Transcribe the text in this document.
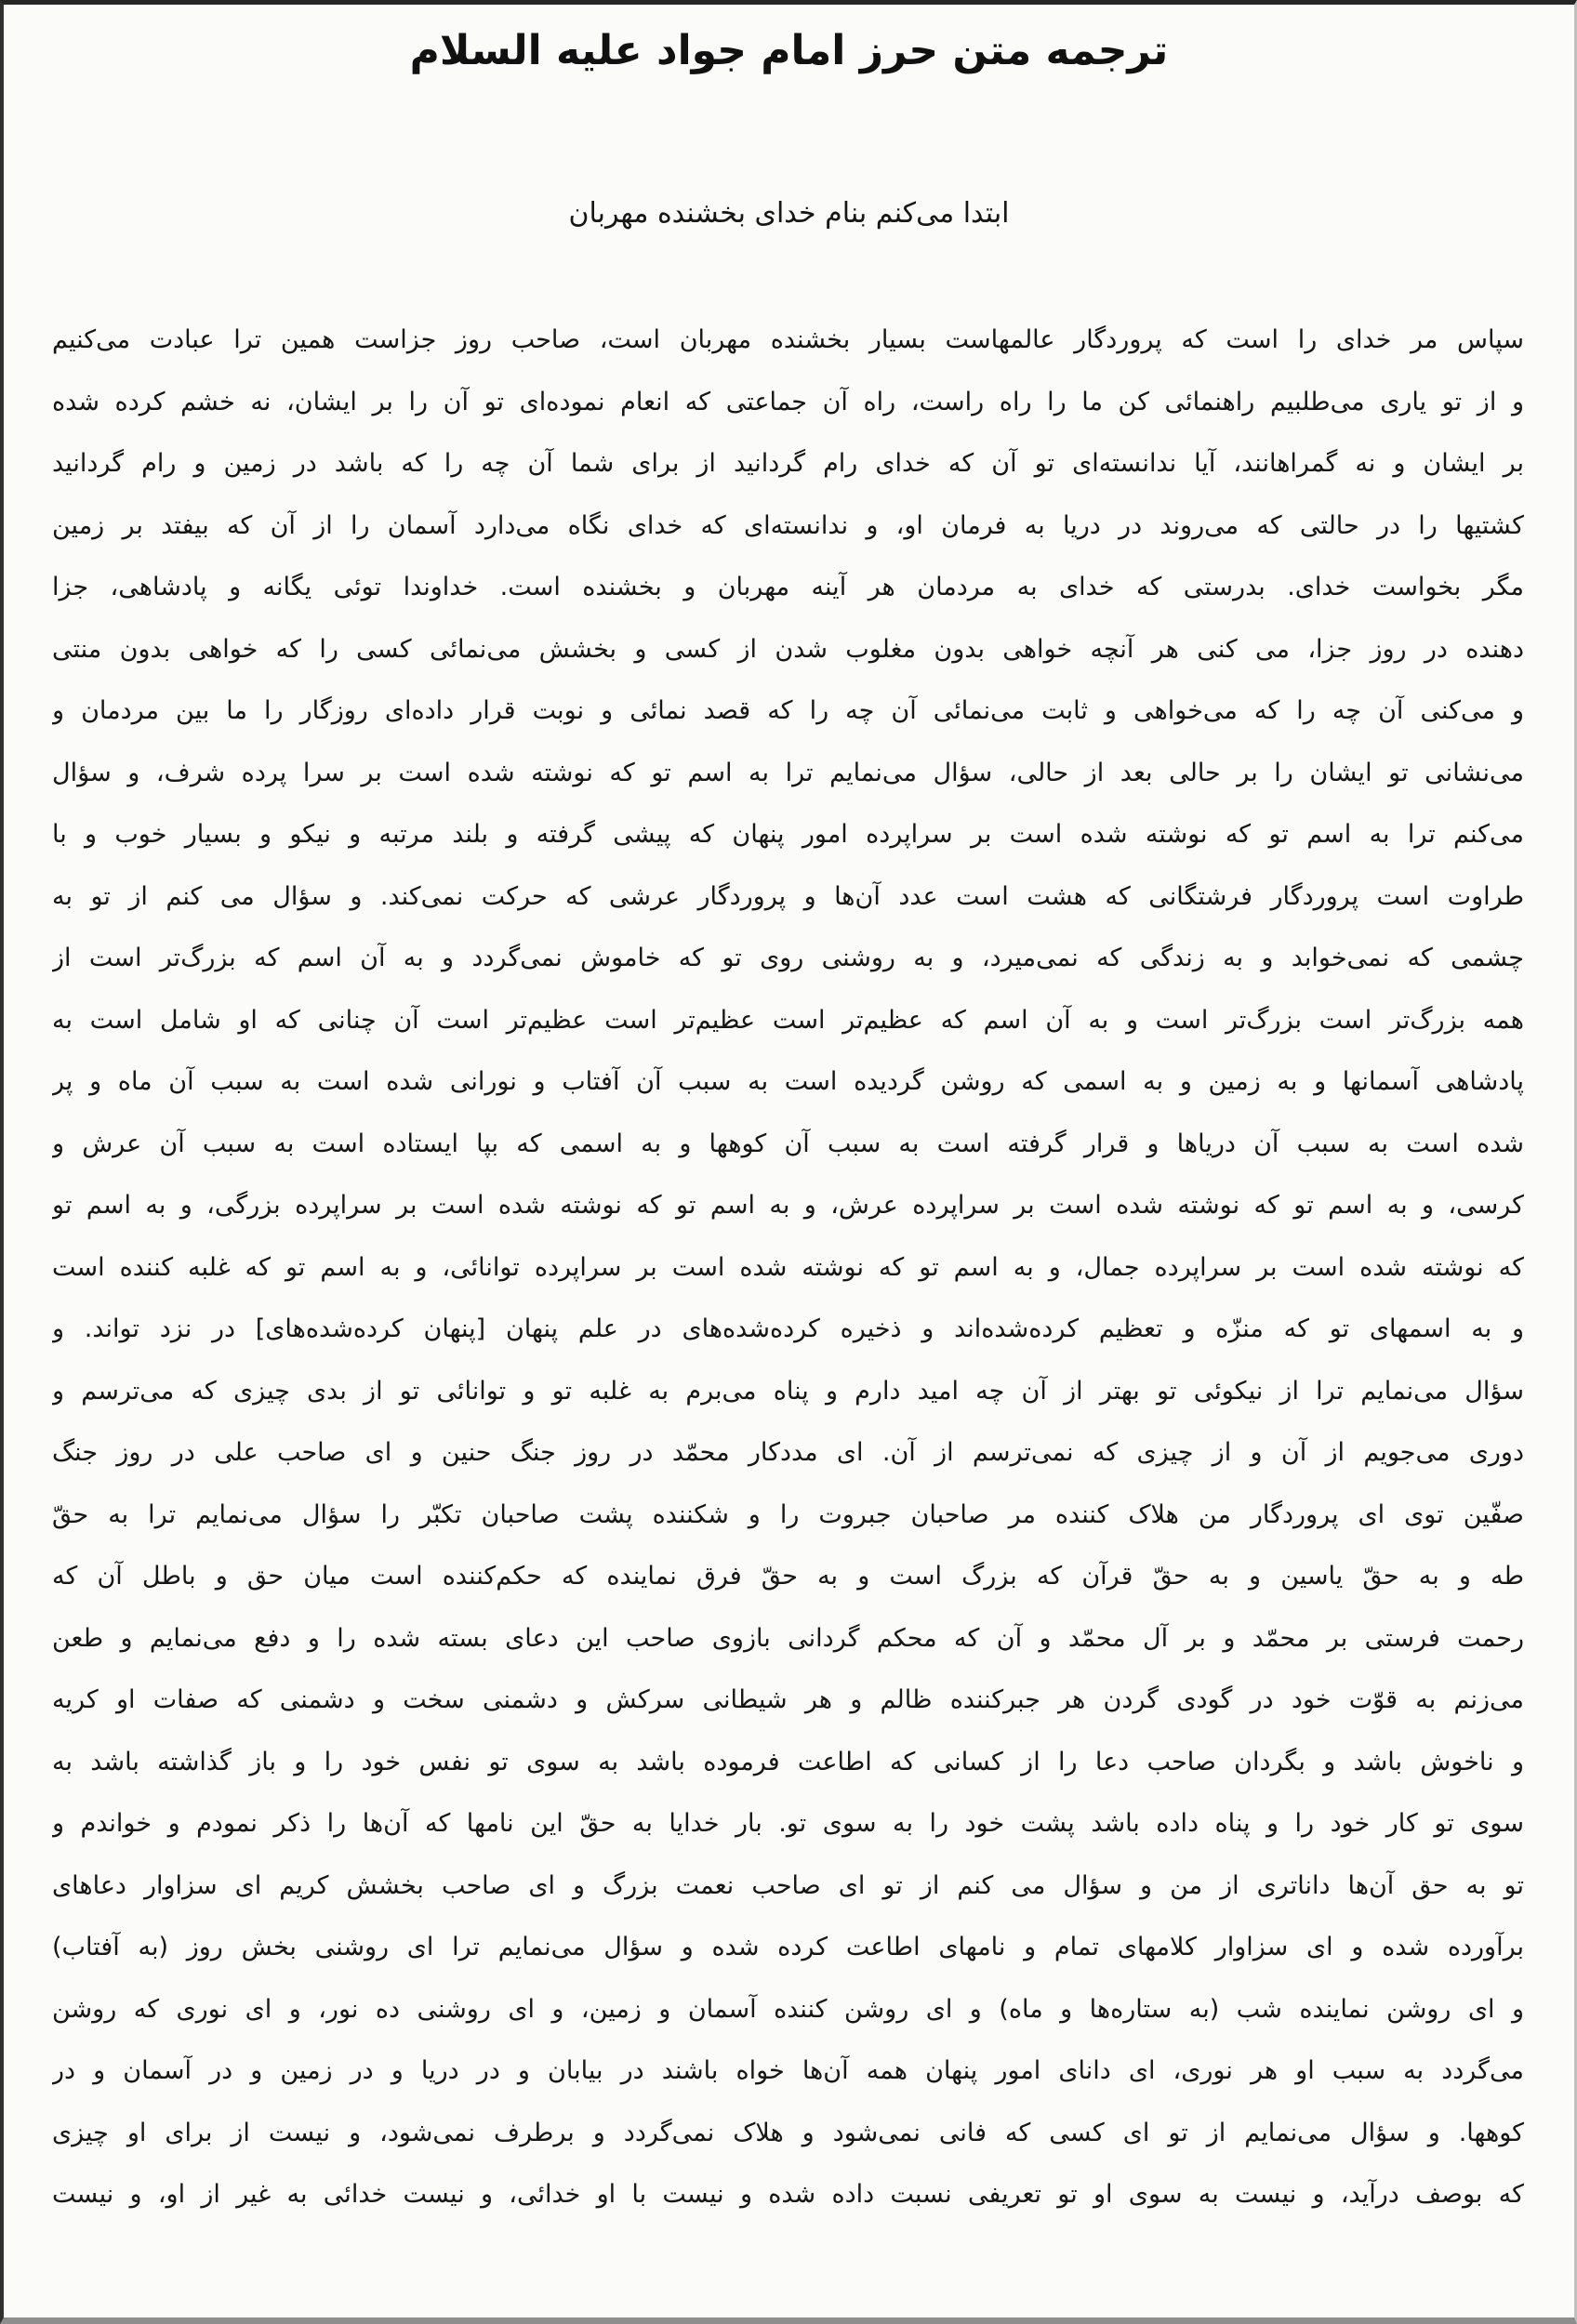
ترجمه متن حرز امام جواد علیه السلام
ابتدا می‌کنم بنام خدای بخشنده مهربان
سپاس مر خدای را است که پروردگار عالمهاست بسیار بخشنده مهربان است، صاحب روز جزاست همین ترا عبادت می‌کنیم
و از تو یاری می‌طلبیم راهنمائی کن ما را راه راست، راه آن جماعتی که انعام نموده‌ای تو آن را بر ایشان، نه خشم کرده شده
بر ایشان و نه گمراهانند، آیا ندانسته‌ای تو آن که خدای رام گردانید از برای شما آن چه را که باشد در زمین و رام گردانید
کشتیها را در حالتی که می‌روند در دریا به فرمان او، و ندانسته‌ای که خدای نگاه می‌دارد آسمان را از آن که بیفتد بر زمین
مگر بخواست خدای. بدرستی که خدای به مردمان هر آینه مهربان و بخشنده است. خداوندا توئی یگانه و پادشاهی، جزا
دهنده در روز جزا، می کنی هر آنچه خواهی بدون مغلوب شدن از کسی و بخشش می‌نمائی کسی را که خواهی بدون منتی
و می‌کنی آن چه را که می‌خواهی و ثابت می‌نمائی آن چه را که قصد نمائی و نوبت قرار داده‌ای روزگار را ما بین مردمان و
می‌نشانی تو ایشان را بر حالی بعد از حالی، سؤال می‌نمایم ترا به اسم تو که نوشته شده است بر سرا پرده شرف، و سؤال
می‌کنم ترا به اسم تو که نوشته شده است بر سراپرده امور پنهان که پیشی گرفته و بلند مرتبه و نیکو و بسیار خوب و با
طراوت است پروردگار فرشتگانی که هشت است عدد آن‌ها و پروردگار عرشی که حرکت نمی‌کند. و سؤال می کنم از تو به
چشمی که نمی‌خوابد و به زندگی که نمی‌میرد، و به روشنی روی تو که خاموش نمی‌گردد و به آن اسم که بزرگ‌تر است از
همه بزرگ‌تر است بزرگ‌تر است و به آن اسم که عظیم‌تر است عظیم‌تر است عظیم‌تر است آن چنانی که او شامل است به
پادشاهی آسمانها و به زمین و به اسمی که روشن گردیده است به سبب آن آفتاب و نورانی شده است به سبب آن ماه و پر
شده است به سبب آن دریاها و قرار گرفته است به سبب آن کوهها و به اسمی که بپا ایستاده است به سبب آن عرش و
کرسی، و به اسم تو که نوشته شده است بر سراپرده عرش، و به اسم تو که نوشته شده است بر سراپرده بزرگی، و به اسم تو
که نوشته شده است بر سراپرده جمال، و به اسم تو که نوشته شده است بر سراپرده توانائی، و به اسم تو که غلبه کننده است
و به اسمهای تو که منزّه و تعظیم کرده‌شده‌اند و ذخیره کرده‌شده‌های در علم پنهان [پنهان کرده‌شده‌های] در نزد تواند. و
سؤال می‌نمایم ترا از نیکوئی تو بهتر از آن چه امید دارم و پناه می‌برم به غلبه تو و توانائی تو از بدی چیزی که می‌ترسم و
دوری می‌جویم از آن و از چیزی که نمی‌ترسم از آن. ای مددکار محمّد در روز جنگ حنین و ای صاحب علی در روز جنگ
صفّین توی ای پروردگار من هلاک کننده مر صاحبان جبروت را و شکننده پشت صاحبان تکبّر را سؤال می‌نمایم ترا به حقّ
طه و به حقّ یاسین و به حقّ قرآن که بزرگ است و به حقّ فرق نماینده که حکم‌کننده است میان حق و باطل آن که
رحمت فرستی بر محمّد و بر آل محمّد و آن که محکم گردانی بازوی صاحب این دعای بسته شده را و دفع می‌نمایم و طعن
می‌زنم به قوّت خود در گودی گردن هر جبرکننده ظالم و هر شیطانی سرکش و دشمنی سخت و دشمنی که صفات او کریه
و ناخوش باشد و بگردان صاحب دعا را از کسانی که اطاعت فرموده باشد به سوی تو نفس خود را و باز گذاشته باشد به
سوی تو کار خود را و پناه داده باشد پشت خود را به سوی تو. بار خدایا به حقّ این نامها که آن‌ها را ذکر نمودم و خواندم و
تو به حق آن‌ها داناتری از من و سؤال می کنم از تو ای صاحب نعمت بزرگ و ای صاحب بخشش کریم ای سزاوار دعاهای
برآورده شده و ای سزاوار کلامهای تمام و نامهای اطاعت کرده شده و سؤال می‌نمایم ترا ای روشنی بخش روز (به آفتاب)
و ای روشن نماینده شب (به ستاره‌ها و ماه) و ای روشن کننده آسمان و زمین، و ای روشنی ده نور، و ای نوری که روشن
می‌گردد به سبب او هر نوری، ای دانای امور پنهان همه آن‌ها خواه باشند در بیابان و در دریا و در زمین و در آسمان و در
کوهها. و سؤال می‌نمایم از تو ای کسی که فانی نمی‌شود و هلاک نمی‌گردد و برطرف نمی‌شود، و نیست از برای او چیزی
که بوصف درآید، و نیست به سوی او تو تعریفی نسبت داده شده و نیست با او خدائی، و نیست خدائی به غیر از او، و نیست
